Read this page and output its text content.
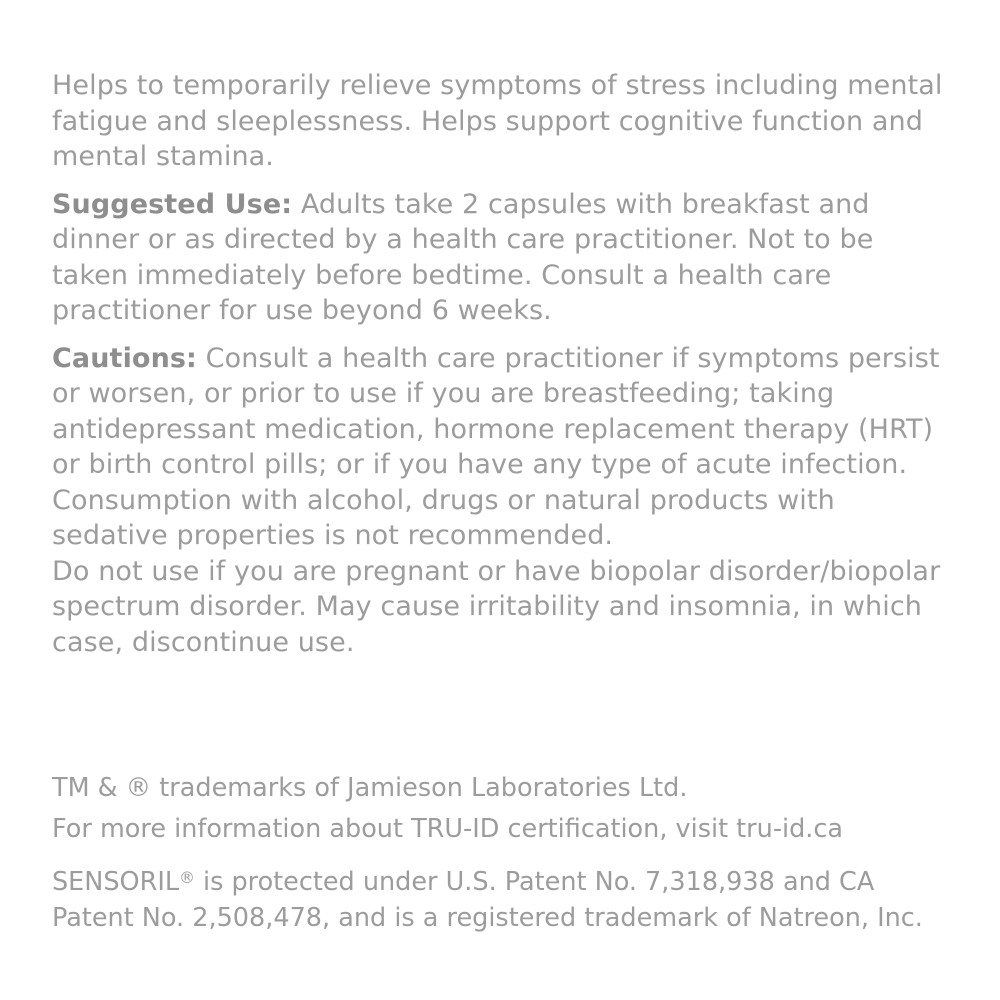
Helps to temporarily relieve symptoms of stress including mental fatigue and sleeplessness. Helps support cognitive function and mental stamina.

Suggested Use: Adults take 2 capsules with breakfast and dinner or as directed by a health care practitioner. Not to be taken immediately before bedtime. Consult a health care practitioner for use beyond 6 weeks.

Cautions: Consult a health care practitioner if symptoms persist or worsen, or prior to use if you are breastfeeding; taking antidepressant medication, hormone replacement therapy (HRT) or birth control pills; or if you have any type of acute infection. Consumption with alcohol, drugs or natural products with sedative properties is not recommended.

Do not use if you are pregnant or have biopolar disorder/biopolar spectrum disorder. May cause irritability and insomnia, in which case, discontinue use.

TM & ® trademarks of Jamieson Laboratories Ltd.

For more information about TRU-ID certification, visit tru-id.ca

SENSORIL® is protected under U.S. Patent No. 7,318,938 and CA Patent No. 2,508,478, and is a registered trademark of Natreon, Inc.
